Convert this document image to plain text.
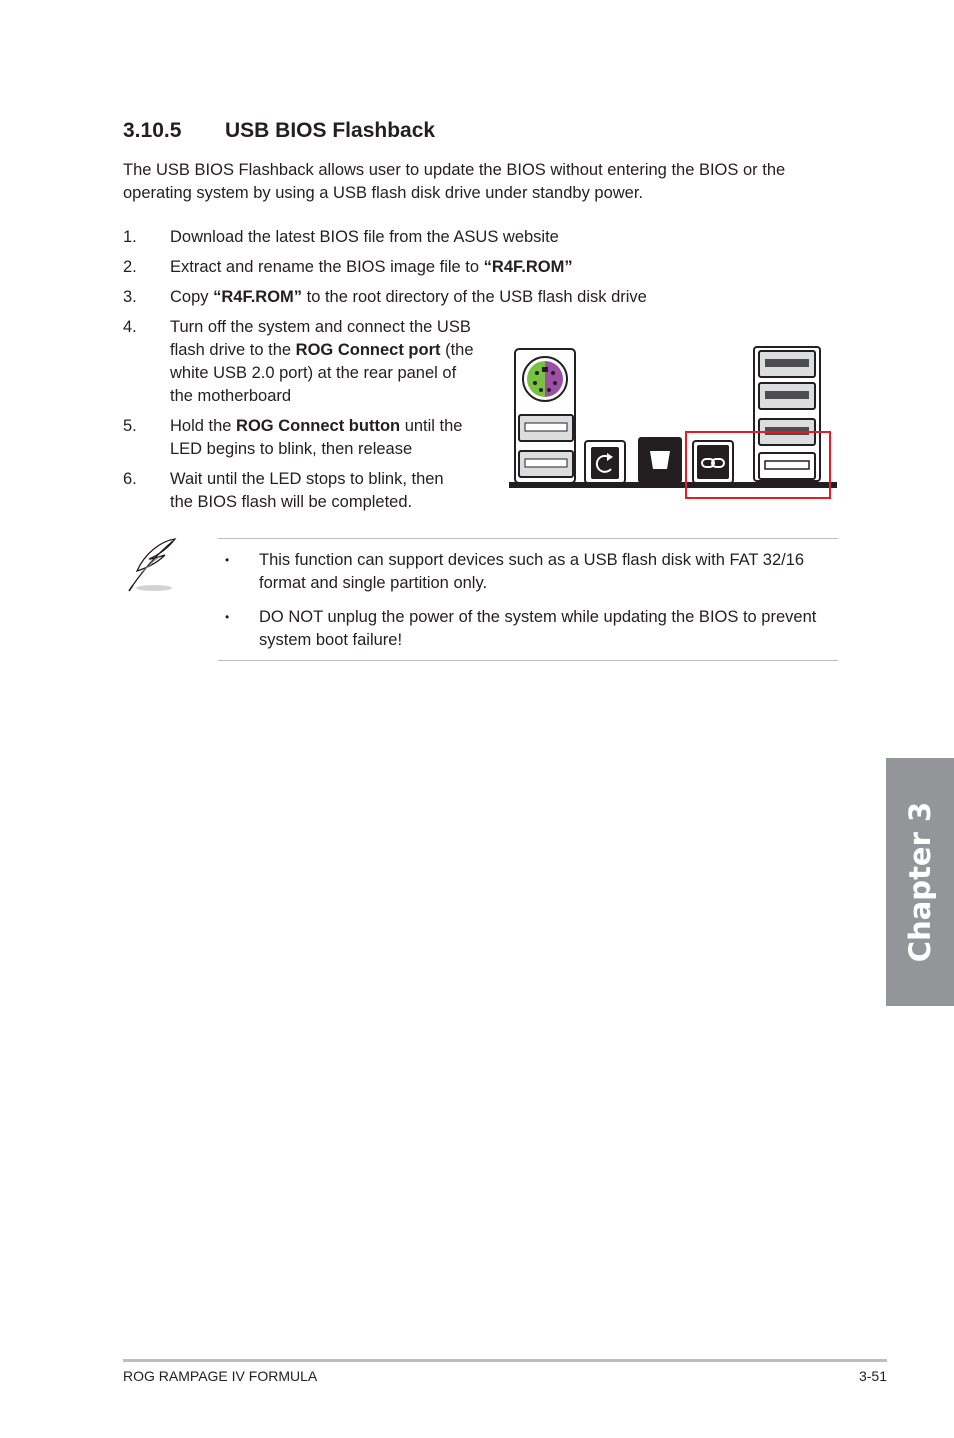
3.10.5 USB BIOS Flashback
The USB BIOS Flashback allows user to update the BIOS without entering the BIOS or the operating system by using a USB flash disk drive under standby power.
1.	Download the latest BIOS file from the ASUS website
2.	Extract and rename the BIOS image file to “R4F.ROM”
3.	Copy “R4F.ROM” to the root directory of the USB flash disk drive
4.	Turn off the system and connect the USB flash drive to the ROG Connect port (the white USB 2.0 port) at the rear panel of the motherboard
5.	Hold the ROG Connect button until the LED begins to blink, then release
6.	Wait until the LED stops to blink, then the BIOS flash will be completed.
• This function can support devices such as a USB flash disk with FAT 32/16 format and single partition only.
• DO NOT unplug the power of the system while updating the BIOS to prevent system boot failure!
Chapter 3
ROG RAMPAGE IV FORMULA	3-51
